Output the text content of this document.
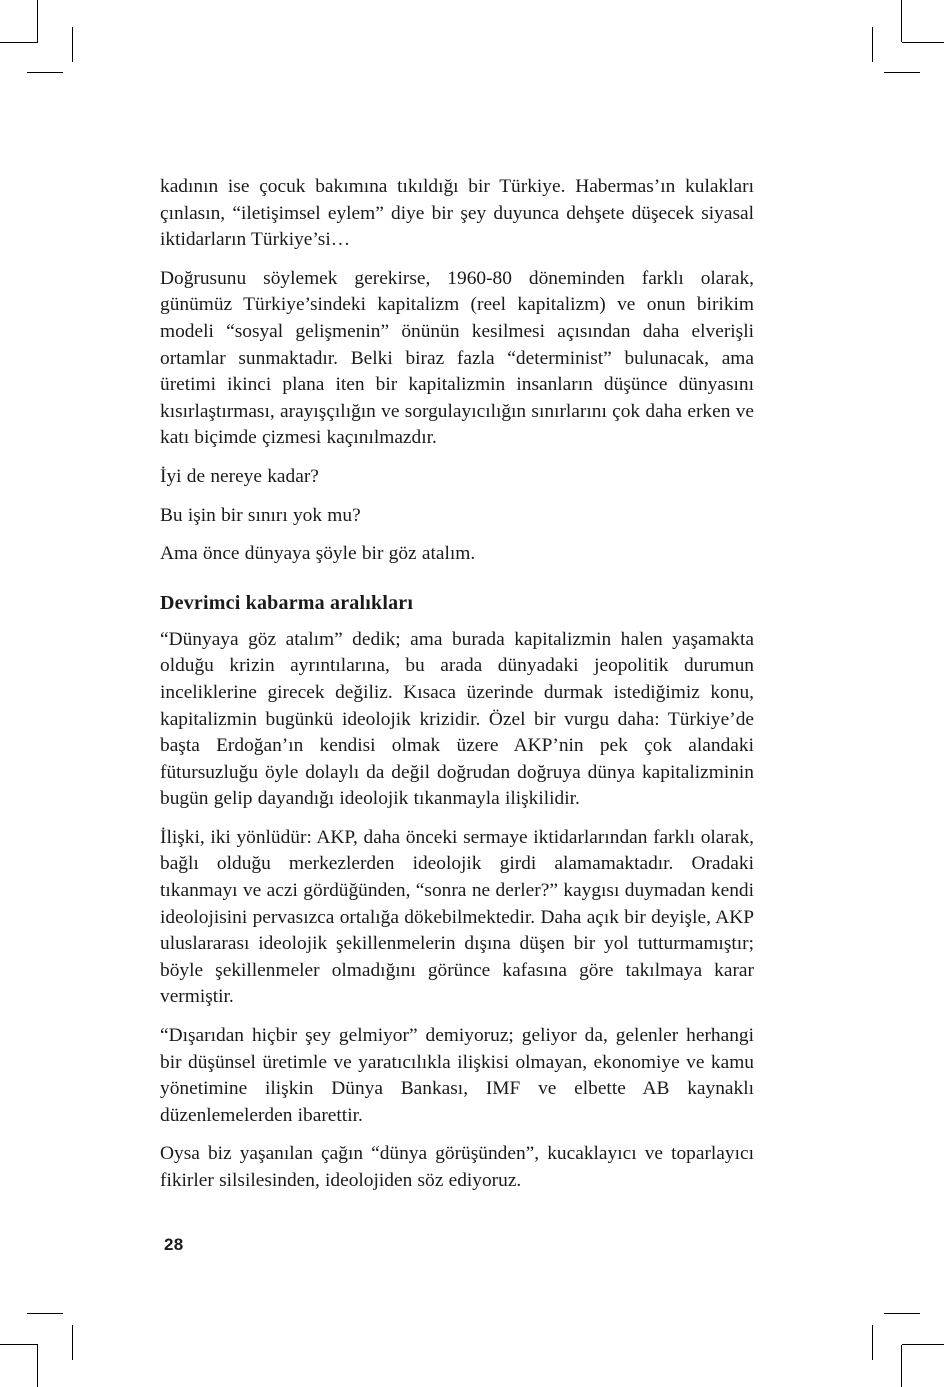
kadının ise çocuk bakımına tıkıldığı bir Türkiye. Habermas’ın kulakları çınlasın, “iletişimsel eylem” diye bir şey duyunca dehşete düşecek siyasal iktidarların Türkiye’si…

Doğrusunu söylemek gerekirse, 1960-80 döneminden farklı olarak, günümüz Türkiye’sindeki kapitalizm (reel kapitalizm) ve onun birikim modeli “sosyal gelişmenin” önünün kesilmesi açısından daha elverişli ortamlar sunmaktadır. Belki biraz fazla “determinist” bulunacak, ama üretimi ikinci plana iten bir kapitalizmin insanların düşünce dünyasını kısırlaştırması, arayışçılığın ve sorgulayıcılığın sınırlarını çok daha erken ve katı biçimde çizmesi kaçınılmazdır.

İyi de nereye kadar?

Bu işin bir sınırı yok mu?

Ama önce dünyaya şöyle bir göz atalım.

Devrimci kabarma aralıkları

“Dünyaya göz atalım” dedik; ama burada kapitalizmin halen yaşamakta olduğu krizin ayrıntılarına, bu arada dünyadaki jeopolitik durumun inceliklerine girecek değiliz. Kısaca üzerinde durmak istediğimiz konu, kapitalizmin bugünkü ideolojik krizidir. Özel bir vurgu daha: Türkiye’de başta Erdoğan’ın kendisi olmak üzere AKP’nin pek çok alandaki fütursuzluğu öyle dolaylı da değil doğrudan doğruya dünya kapitalizminin bugün gelip dayandığı ideolojik tıkanmayla ilişkilidir.

İlişki, iki yönlüdür: AKP, daha önceki sermaye iktidarlarından farklı olarak, bağlı olduğu merkezlerden ideolojik girdi alamamaktadır. Oradaki tıkanmayı ve aczi gördüğünden, “sonra ne derler?” kaygısı duymadan kendi ideolojisini pervasızca ortalığa dökebilmektedir. Daha açık bir deyişle, AKP uluslararası ideolojik şekillenmelerin dışına düşen bir yol tutturmamıştır; böyle şekillenmeler olmadığını görünce kafasına göre takılmaya karar vermiştir.

“Dışarıdan hiçbir şey gelmiyor” demiyoruz; geliyor da, gelenler herhangi bir düşünsel üretimle ve yaratıcılıkla ilişkisi olmayan, ekonomiye ve kamu yönetimine ilişkin Dünya Bankası, IMF ve elbette AB kaynaklı düzenlemelerden ibarettir.

Oysa biz yaşanılan çağın “dünya görüşünden”, kucaklayıcı ve toparlayıcı fikirler silsilesinden, ideolojiden söz ediyoruz.

28
